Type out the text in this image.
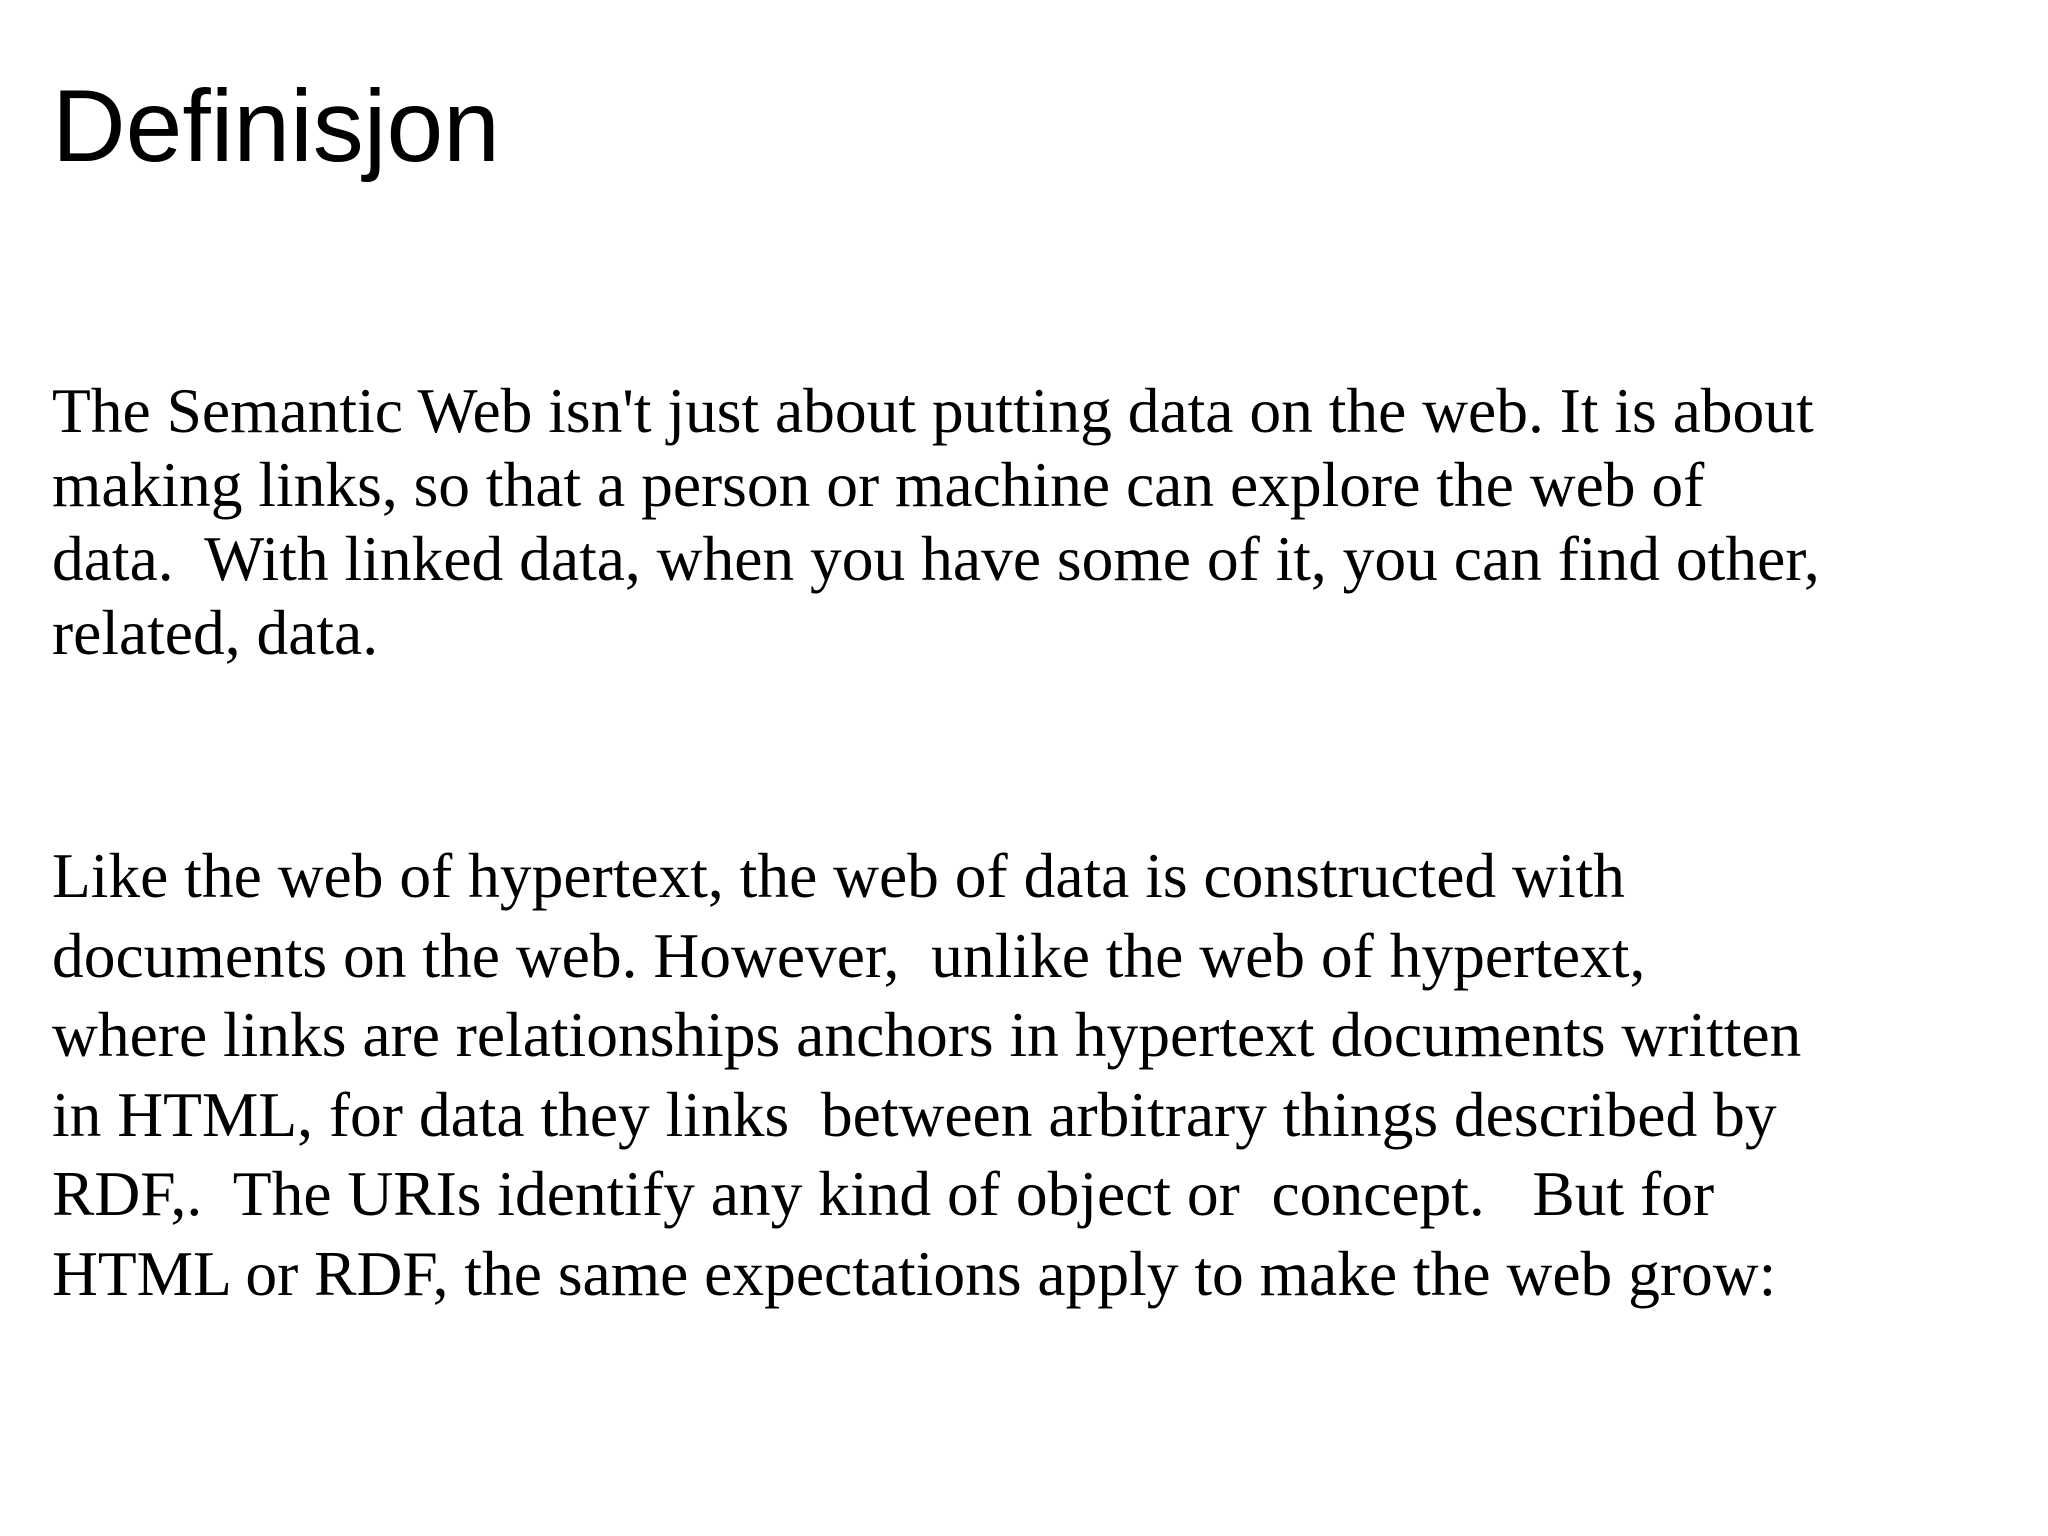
Definisjon

The Semantic Web isn't just about putting data on the web. It is about
making links, so that a person or machine can explore the web of
data.  With linked data, when you have some of it, you can find other,
related, data.

Like the web of hypertext, the web of data is constructed with
documents on the web. However,  unlike the web of hypertext,
where links are relationships anchors in hypertext documents written
in HTML, for data they links  between arbitrary things described by
RDF,.  The URIs identify any kind of object or  concept.   But for
HTML or RDF, the same expectations apply to make the web grow:
